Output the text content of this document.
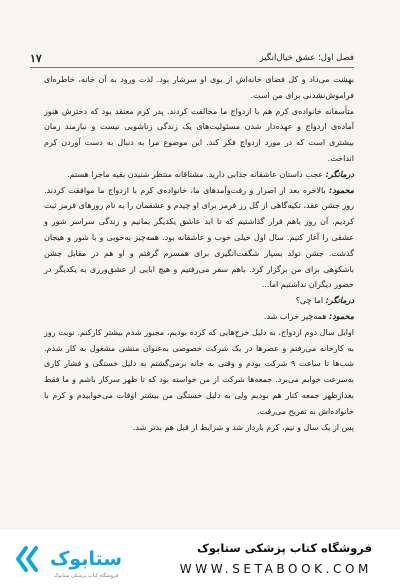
فصل اول؛ عشق خیال‌انگیز
۱۷

بهشت می‌داد و کل فضای خانه‌اش از بوی او سرشار بود. لذت ورود به آن خانه، خاطره‌ای فراموش‌نشدنی برای من است.

متأسفانه خانواده‌ی کرم هم با ازدواج ما مخالفت کردند. پدر کرم معتقد بود که دخترش هنوز آماده‌ی ازدواج و عهده‌دار شدن مسئولیت‌های یک زندگی زناشویی نیست و نیازمند زمان بیشتری است که در مورد ازدواج فکر کند. این موضوع مرا به دنبال به دست آوردن کرم انداخت.

درمانگر: عجب داستان عاشقانه جذابی دارید. مشتاقانه منتظر شنیدن بقیه ماجرا هستم.

محمود: بالاخره بعد از اصرار و رفت‌وآمدهای ما، خانواده‌ی کرم با ازدواج ما موافقت کردند. روز جشن عقد، تکیه‌گاهی از گل رز قرمز برای او چیدم و عشقمان را به نام روزهای قرمز ثبت کردیم. آن روز باهم قرار گذاشتیم که تا ابد عاشق یکدیگر بمانیم و زندگی سراسر شور و عشقی را آغاز کنیم. سال اول خیلی خوب و عاشقانه بود. همه‌چیز به‌خوبی و با شور و هیجان گذشت. جشن تولد بسیار شگفت‌انگیزی برای همسرم گرفتم و او هم در مقابل جشن باشکوهی برای من برگزار کرد. باهم سفر می‌رفتیم و هیچ ابایی از عشق‌ورزی به یکدیگر در حضور دیگران نداشتیم اما...

درمانگر: اما چی؟

محمود: همه‌چیز خراب شد.

اوایل سال دوم ازدواج، به دلیل خرج‌هایی که کرده بودیم، مجبور شدم بیشتر کارکنم. نوبت روز به کارخانه می‌رفتم و عصرها در یک شرکت خصوصی به‌عنوان منشی مشغول به کار شدم. شب‌ها تا ساعت ۹ شرکت بودم و وقتی به خانه برمی‌گشتم به دلیل خستگی و فشار کاری به‌سرعت خوابم می‌برد. جمعه‌ها شرکت از من خواسته بود که تا ظهر سرکار باشم و ما فقط بعدازظهر جمعه کنار هم بودیم ولی به دلیل خستگی من بیشتر اوقات می‌خوابیدم و کرم با خانواده‌اش به تفریح می‌رفت.

پس از یک سال و نیم، کرم باردار شد و شرایط از قبل هم بدتر شد.

ستابوک
فروشگاه کتاب پزشکی ستابوک
فروشگاه کتاب پزشکی ستابوک
WWW.SETABOOK.COM
